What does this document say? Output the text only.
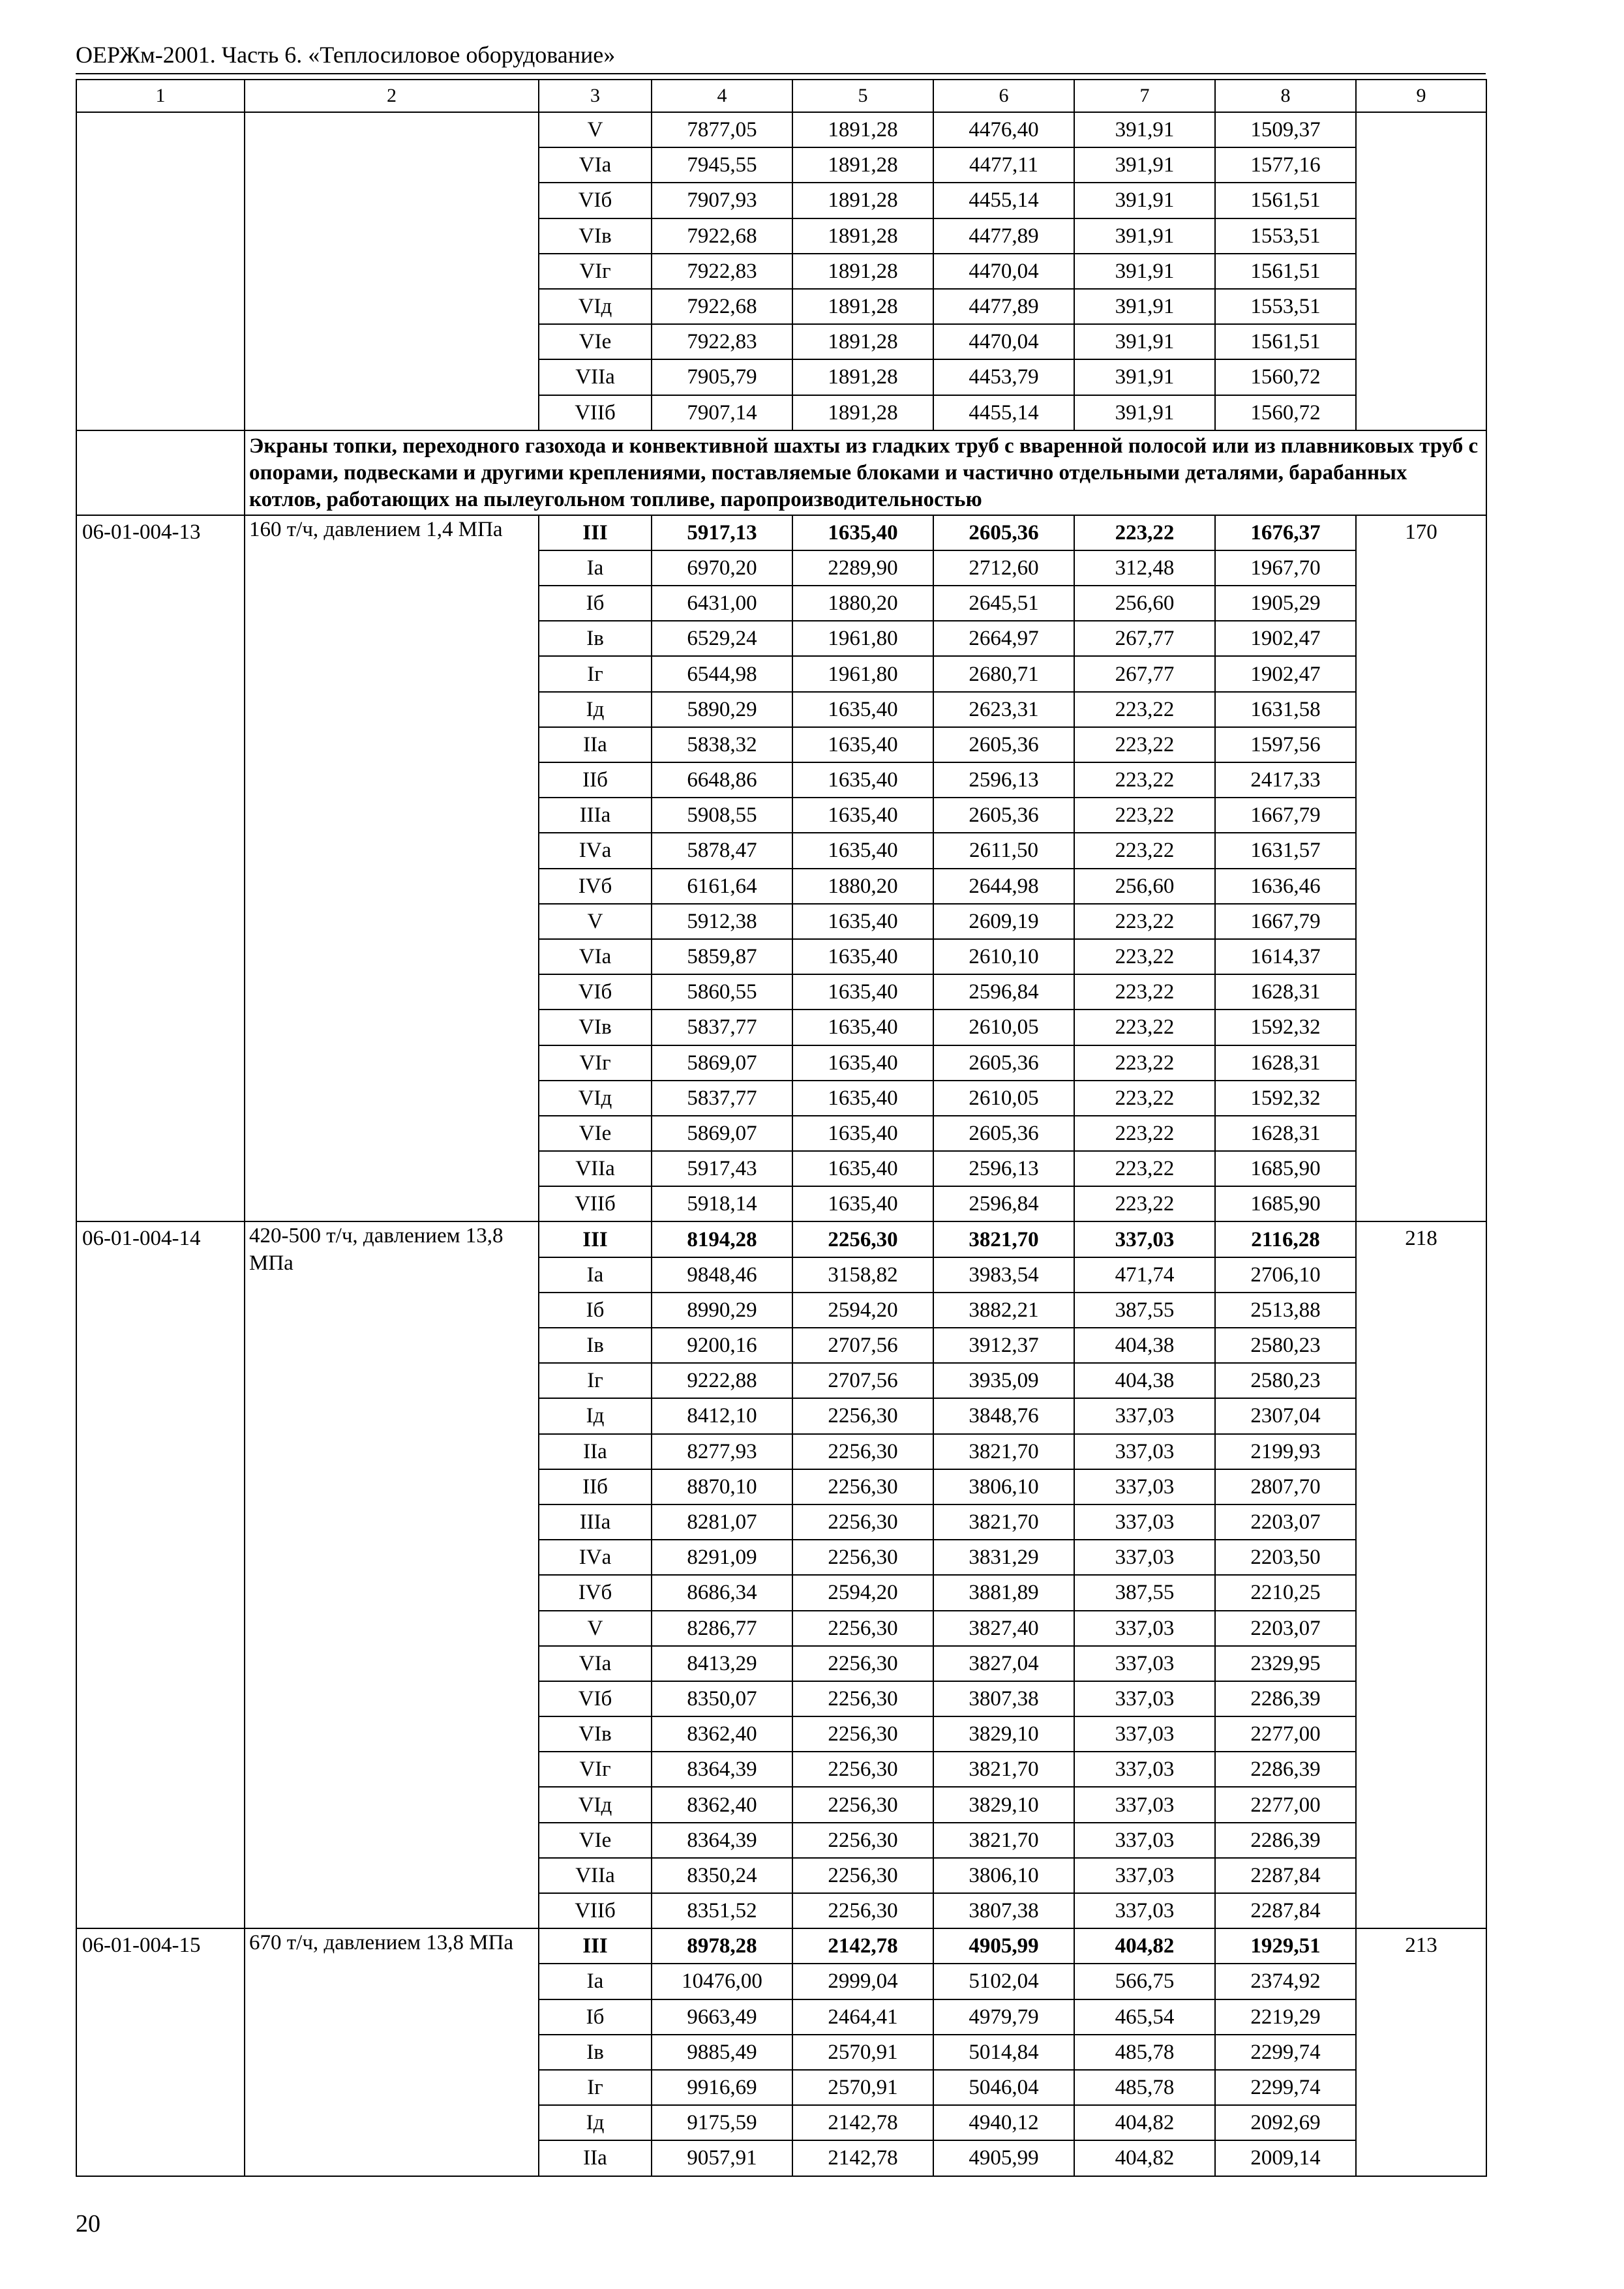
ОЕРЖм-2001. Часть 6. «Теплосиловое оборудование»
1	2	3	4	5	6	7	8	9
		V	7877,05	1891,28	4476,40	391,91	1509,37	
		VIа	7945,55	1891,28	4477,11	391,91	1577,16	
		VIб	7907,93	1891,28	4455,14	391,91	1561,51	
		VIв	7922,68	1891,28	4477,89	391,91	1553,51	
		VIг	7922,83	1891,28	4470,04	391,91	1561,51	
		VIд	7922,68	1891,28	4477,89	391,91	1553,51	
		VIе	7922,83	1891,28	4470,04	391,91	1561,51	
		VIIа	7905,79	1891,28	4453,79	391,91	1560,72	
		VIIб	7907,14	1891,28	4455,14	391,91	1560,72	
	Экраны топки, переходного газохода и конвективной шахты из гладких труб с вваренной полосой или из плавниковых труб с опорами, подвесками и другими креплениями, поставляемые блоками и частично отдельными деталями, барабанных котлов, работающих на пылеугольном топливе, паропроизводительностью							
06-01-004-13	160 т/ч, давлением 1,4 МПа	III	5917,13	1635,40	2605,36	223,22	1676,37	170
		Iа	6970,20	2289,90	2712,60	312,48	1967,70	
		Iб	6431,00	1880,20	2645,51	256,60	1905,29	
		Iв	6529,24	1961,80	2664,97	267,77	1902,47	
		Iг	6544,98	1961,80	2680,71	267,77	1902,47	
		Iд	5890,29	1635,40	2623,31	223,22	1631,58	
		IIа	5838,32	1635,40	2605,36	223,22	1597,56	
		IIб	6648,86	1635,40	2596,13	223,22	2417,33	
		IIIа	5908,55	1635,40	2605,36	223,22	1667,79	
		IVа	5878,47	1635,40	2611,50	223,22	1631,57	
		IVб	6161,64	1880,20	2644,98	256,60	1636,46	
		V	5912,38	1635,40	2609,19	223,22	1667,79	
		VIа	5859,87	1635,40	2610,10	223,22	1614,37	
		VIб	5860,55	1635,40	2596,84	223,22	1628,31	
		VIв	5837,77	1635,40	2610,05	223,22	1592,32	
		VIг	5869,07	1635,40	2605,36	223,22	1628,31	
		VIд	5837,77	1635,40	2610,05	223,22	1592,32	
		VIе	5869,07	1635,40	2605,36	223,22	1628,31	
		VIIа	5917,43	1635,40	2596,13	223,22	1685,90	
		VIIб	5918,14	1635,40	2596,84	223,22	1685,90	
06-01-004-14	420-500 т/ч, давлением 13,8 МПа	III	8194,28	2256,30	3821,70	337,03	2116,28	218
		Iа	9848,46	3158,82	3983,54	471,74	2706,10	
		Iб	8990,29	2594,20	3882,21	387,55	2513,88	
		Iв	9200,16	2707,56	3912,37	404,38	2580,23	
		Iг	9222,88	2707,56	3935,09	404,38	2580,23	
		Iд	8412,10	2256,30	3848,76	337,03	2307,04	
		IIа	8277,93	2256,30	3821,70	337,03	2199,93	
		IIб	8870,10	2256,30	3806,10	337,03	2807,70	
		IIIа	8281,07	2256,30	3821,70	337,03	2203,07	
		IVа	8291,09	2256,30	3831,29	337,03	2203,50	
		IVб	8686,34	2594,20	3881,89	387,55	2210,25	
		V	8286,77	2256,30	3827,40	337,03	2203,07	
		VIа	8413,29	2256,30	3827,04	337,03	2329,95	
		VIб	8350,07	2256,30	3807,38	337,03	2286,39	
		VIв	8362,40	2256,30	3829,10	337,03	2277,00	
		VIг	8364,39	2256,30	3821,70	337,03	2286,39	
		VIд	8362,40	2256,30	3829,10	337,03	2277,00	
		VIе	8364,39	2256,30	3821,70	337,03	2286,39	
		VIIа	8350,24	2256,30	3806,10	337,03	2287,84	
		VIIб	8351,52	2256,30	3807,38	337,03	2287,84	
06-01-004-15	670 т/ч, давлением 13,8 МПа	III	8978,28	2142,78	4905,99	404,82	1929,51	213
		Iа	10476,00	2999,04	5102,04	566,75	2374,92	
		Iб	9663,49	2464,41	4979,79	465,54	2219,29	
		Iв	9885,49	2570,91	5014,84	485,78	2299,74	
		Iг	9916,69	2570,91	5046,04	485,78	2299,74	
		Iд	9175,59	2142,78	4940,12	404,82	2092,69	
		IIа	9057,91	2142,78	4905,99	404,82	2009,14	
20
